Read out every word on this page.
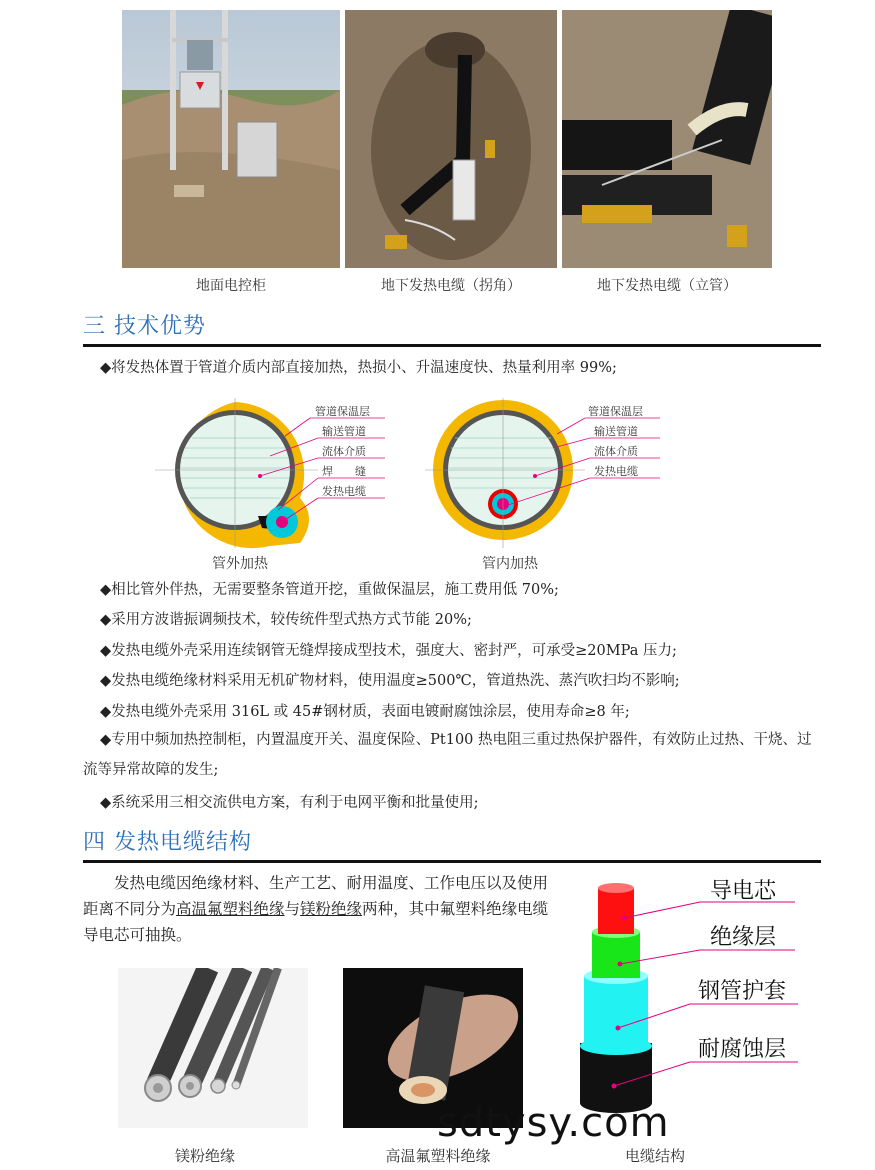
地面电控柜	地下发热电缆（拐角）	地下发热电缆（立管）
三 技术优势
◆将发热体置于管道介质内部直接加热，热损小、升温速度快、热量利用率 99%;
管道保温层
输送管道
流体介质
焊　　缝
发热电缆
管外加热
管道保温层
输送管道
流体介质
发热电缆
管内加热
◆相比管外伴热，无需要整条管道开挖，重做保温层，施工费用低 70%;
◆采用方波谐振调频技术，较传统件型式热方式节能 20%;
◆发热电缆外壳采用连续钢管无缝焊接成型技术，强度大、密封严，可承受≥20MPa 压力;
◆发热电缆绝缘材料采用无机矿物材料，使用温度≥500℃，管道热洗、蒸汽吹扫均不影响;
◆发热电缆外壳采用 316L 或 45#钢材质，表面电镀耐腐蚀涂层，使用寿命≥8 年;
◆专用中频加热控制柜，内置温度开关、温度保险、Pt100 热电阻三重过热保护器件，有效防止过热、干烧、过流等异常故障的发生;
◆系统采用三相交流供电方案，有利于电网平衡和批量使用;
四 发热电缆结构
发热电缆因绝缘材料、生产工艺、耐用温度、工作电压以及使用距离不同分为高温氟塑料绝缘与镁粉绝缘两种，其中氟塑料绝缘电缆导电芯可抽换。
导电芯
绝缘层
钢管护套
耐腐蚀层
镁粉绝缘	高温氟塑料绝缘	电缆结构
sdtysy.com
